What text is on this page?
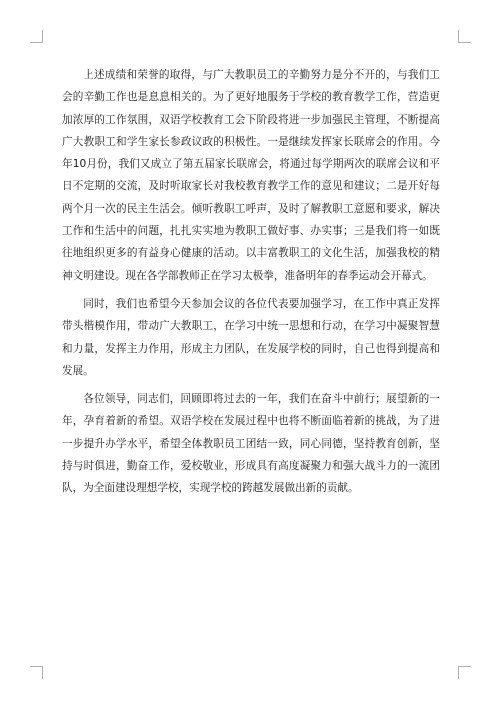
上述成绩和荣誉的取得，与广大教职员工的辛勤努力是分不开的，与我们工会的辛勤工作也是息息相关的。为了更好地服务于学校的教育教学工作，营造更加浓厚的工作氛围，双语学校教育工会下阶段将进一步加强民主管理，不断提高广大教职工和学生家长参政议政的积极性。一是继续发挥家长联席会的作用。今年10月份，我们又成立了第五届家长联席会，将通过每学期两次的联席会议和平日不定期的交流，及时听取家长对我校教育教学工作的意见和建议；二是开好每两个月一次的民主生活会。倾听教职工呼声，及时了解教职工意愿和要求，解决工作和生活中的问题，扎扎实实地为教职工做好事、办实事；三是我们将一如既往地组织更多的有益身心健康的活动。以丰富教职工的文化生活，加强我校的精神文明建设。现在各学部教师正在学习太极拳，准备明年的春季运动会开幕式。

同时，我们也希望今天参加会议的各位代表要加强学习，在工作中真正发挥带头楷模作用，带动广大教职工，在学习中统一思想和行动，在学习中凝聚智慧和力量，发挥主力作用，形成主力团队，在发展学校的同时，自己也得到提高和发展。

各位领导，同志们，回顾即将过去的一年，我们在奋斗中前行；展望新的一年，孕育着新的希望。双语学校在发展过程中也将不断面临着新的挑战，为了进一步提升办学水平，希望全体教职员工团结一致，同心同德，坚持教育创新，坚持与时俱进，勤奋工作，爱校敬业，形成具有高度凝聚力和强大战斗力的一流团队，为全面建设理想学校，实现学校的跨越发展做出新的贡献。
